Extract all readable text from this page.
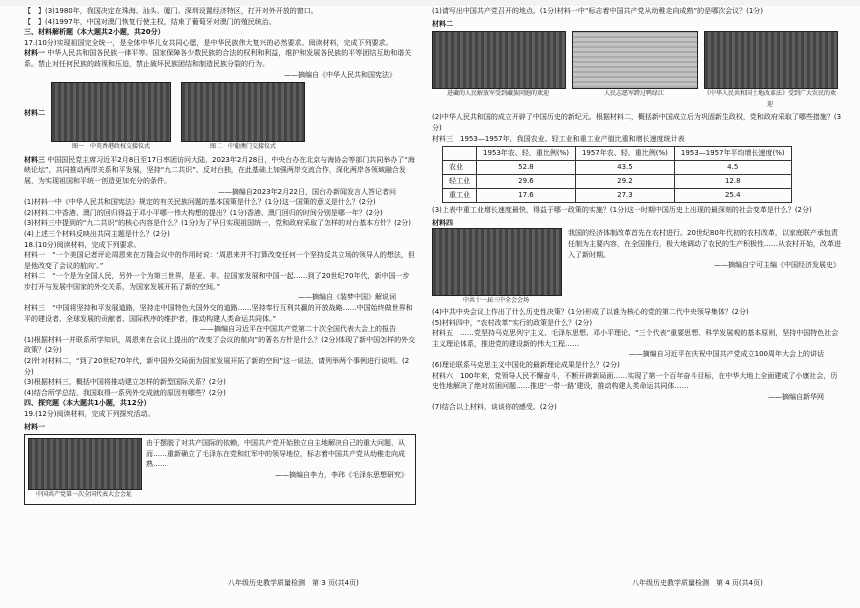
【　】(3)1980年，我国决定在珠海、汕头、厦门、深圳设置经济特区，打开对外开放的窗口。
【　】(4)1997年，中国对澳门恢复行使主权，结束了葡萄牙对澳门的殖民统治。
三、材料解析题（本大题共2小题，共20分）
17.(10分)实现祖国完全统一，是全体中华儿女共同心愿，是中华民族伟大复兴的必然要求。阅读材料，完成下列要求。
材料一 中华人民共和国各民族一律平等。国家保障各少数民族的合法的权利和利益，维护和发展各民族的平等团结互助和谐关系。禁止对任何民族的歧视和压迫，禁止破坏民族团结和制造民族分裂的行为。
——摘编自《中华人民共和国宪法》
材料二
图一　中英香港政权交接仪式	图二　中葡澳门交接仪式
材料三 中国国民党主席习近平2月8日至17日率团访问大陆，2023年2月28日，中央台办在北京与海协会等部门共同举办了“海峡论坛”，共同推动两岸关系和平发展，坚持“九二共识”、反对台独，在此基础上加强两岸交流合作，深化两岸各领域融合发展，为实现祖国和平统一创造更加充分的条件。
——摘编自2023年2月22日，国台办新闻发言人答记者问
(1)材料一中《中华人民共和国宪法》规定的有关民族问题的基本国策是什么？(1分)这一国策的意义是什么？(2分)
(2)材料二中香港、澳门的回归得益于邓小平哪一伟大构想的提出？(1分)香港、澳门回归的时间分别是哪一年？(2分)
(3)材料三中提到的“九二共识”的核心内容是什么？(1分)为了早日实现祖国统一，党和政府采取了怎样的对台基本方针？(2分)
(4)上述三个材料反映出共同主题是什么？(2分)
18.(10分)阅读材料，完成下列要求。
材料一　“一个美国记者评论周恩来在万隆会议中的作用时说：‘周恩来并不打算改变任何一个坚持反共立场的领导人的想法，但是他改变了会议的航向’。”
材料二　“一个是为全国人民，另外一个为第三世界，是亚、非、拉国家发展和中国一起……到了20世纪70年代，新中国一步步打开与发展中国家的外交关系，为国家发展开拓了新的空间。”
——摘编自《装梦中国》解说词
材料三　“中国将坚持和平发展道路，坚持走中国特色大国外交的道路……坚持奉行互利共赢的开放战略……中国始终做世界和平的建设者、全球发展的贡献者、国际秩序的维护者，推动构建人类命运共同体。”
——摘编自习近平在中国共产党第二十次全国代表大会上的报告
(1)根据材料一并联系所学知识，周恩来在会议上提出的“改变了会议的航向”的著名方针是什么？(2分)体现了新中国怎样的外交政策？(2分)
(2)针对材料二，“到了20世纪70年代，新中国外交局面为国家发展开拓了新的空间”这一说法，请列举两个事例进行说明。(2分)
(3)根据材料三，概括中国将推动建立怎样的新型国际关系？(2分)
(4)结合所学总结，我国取得一系列外交成就的原因有哪些？(2分)
四、探究题（本大题共1小题，共12分）
19.(12分)阅读材料，完成下列探究活动。
材料一
中国共产党第一次全国代表大会会址
由于摆脱了对共产国际的依赖，中国共产党开始独立自主地解决自己的重大问题，从而……重新确立了毛泽东在党和红军中的领导地位，标志着中国共产党从幼稚走向成熟……
——摘编自李力，李玮《毛泽东思想研究》
八年级历史教学质量检测　第 3 页(共4页)
(1)请写出中国共产党召开的地点。(1分)材料一中“标志着中国共产党从幼稚走向成熟”的是哪次会议？(1分)
材料二
进藏的人民解放军受到藏族同胞的欢迎	人民志愿军跨过鸭绿江	《中华人民共和国土地改革法》受到广大农民的欢迎
(2)中华人民共和国的成立开辟了中国历史的新纪元。根据材料二，概括新中国成立后为巩固新生政权，党和政府采取了哪些措施？(3分)
材料三　1953—1957年，我国农业、轻工业和重工业产值比重和增长速度统计表
	1953年农、轻、重比例(%)	1957年农、轻、重比例(%)	1953—1957年平均增长速度(%)
农业	52.8	43.5	4.5
轻工业	29.6	29.2	12.8
重工业	17.6	27.3	25.4
(3)上表中重工业增长速度最快，得益于哪一政策的实施？(1分)这一时期中国历史上出现的最深刻的社会变革是什么？(2分)
材料四
中共十一届三中全会会场
我国的经济体制改革首先在农村进行。20世纪80年代初的农村改革，以家庭联产承包责任制为主要内容，在全国推行，极大地调动了农民的生产积极性……从农村开始，改革进入了新时期。
——摘编自宁可主编《中国经济发展史》
(4)中共中央会议上作出了什么历史性决策？(1分)形成了以谁为核心的党的第二代中央领导集体？(2分)
(5)材料四中，“农村改革”实行的政策是什么？(2分)
材料五　……党坚持马克思列宁主义、毛泽东思想、邓小平理论、“三个代表”重要思想、科学发展观的基本原则，坚持中国特色社会主义理论体系，推进党的建设新的伟大工程……
——摘编自习近平在庆祝中国共产党成立100周年大会上的讲话
(6)理论联系马克思主义中国化的最新理论成果是什么？(2分)
材料六　100年来，党领导人民不懈奋斗，不断开辟新局面……实现了第一个百年奋斗目标，在中华大地上全面建成了小康社会，历史性地解决了绝对贫困问题……推进‘一带一路’建设，推动构建人类命运共同体……
——摘编自新华网
(7)结合以上材料，谈谈你的感受。(2分)
八年级历史教学质量检测　第 4 页(共4页)
